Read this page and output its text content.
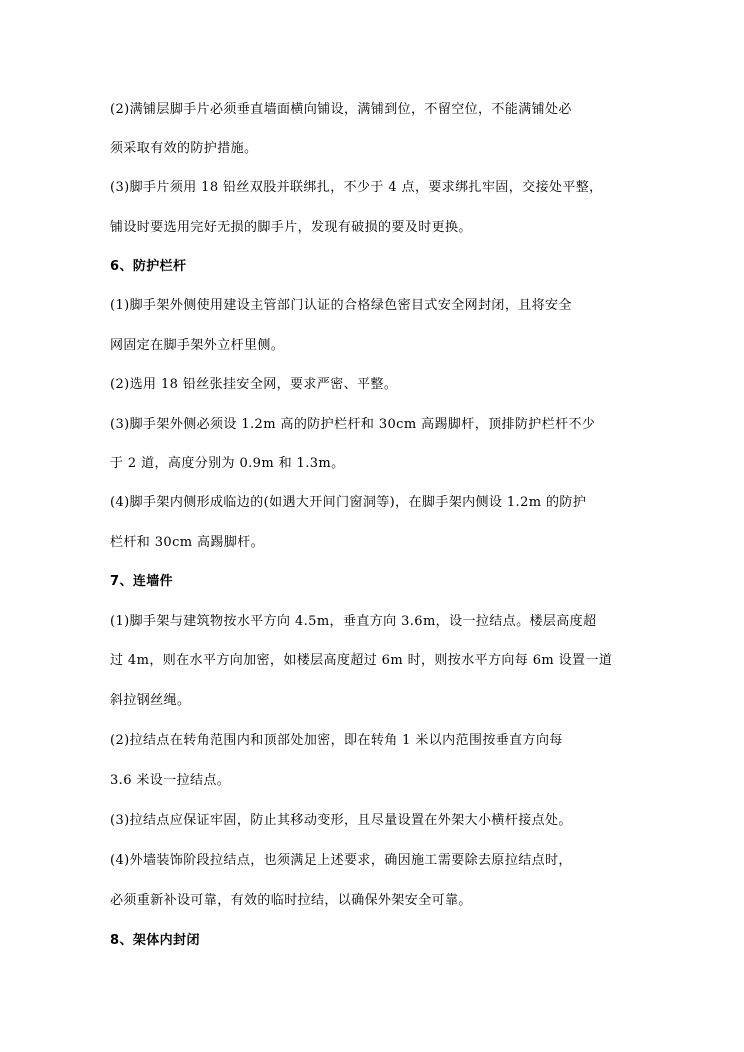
(2)满铺层脚手片必须垂直墙面横向铺设，满铺到位，不留空位，不能满铺处必
须采取有效的防护措施。
(3)脚手片须用 18 铅丝双股并联绑扎，不少于 4 点，要求绑扎牢固，交接处平整，
铺设时要选用完好无损的脚手片，发现有破损的要及时更换。
6、防护栏杆
(1)脚手架外侧使用建设主管部门认证的合格绿色密目式安全网封闭，且将安全
网固定在脚手架外立杆里侧。
(2)选用 18 铅丝张挂安全网，要求严密、平整。
(3)脚手架外侧必须设 1.2m 高的防护栏杆和 30cm 高踢脚杆，顶排防护栏杆不少
于 2 道，高度分别为 0.9m 和 1.3m。
(4)脚手架内侧形成临边的(如遇大开间门窗洞等)，在脚手架内侧设 1.2m 的防护
栏杆和 30cm 高踢脚杆。
7、连墙件
(1)脚手架与建筑物按水平方向 4.5m，垂直方向 3.6m，设一拉结点。楼层高度超
过 4m，则在水平方向加密，如楼层高度超过 6m 时，则按水平方向每 6m 设置一道
斜拉钢丝绳。
(2)拉结点在转角范围内和顶部处加密，即在转角 1 米以内范围按垂直方向每
3.6 米设一拉结点。
(3)拉结点应保证牢固，防止其移动变形，且尽量设置在外架大小横杆接点处。
(4)外墙装饰阶段拉结点，也须满足上述要求，确因施工需要除去原拉结点时，
必须重新补设可靠，有效的临时拉结，以确保外架安全可靠。
8、架体内封闭
